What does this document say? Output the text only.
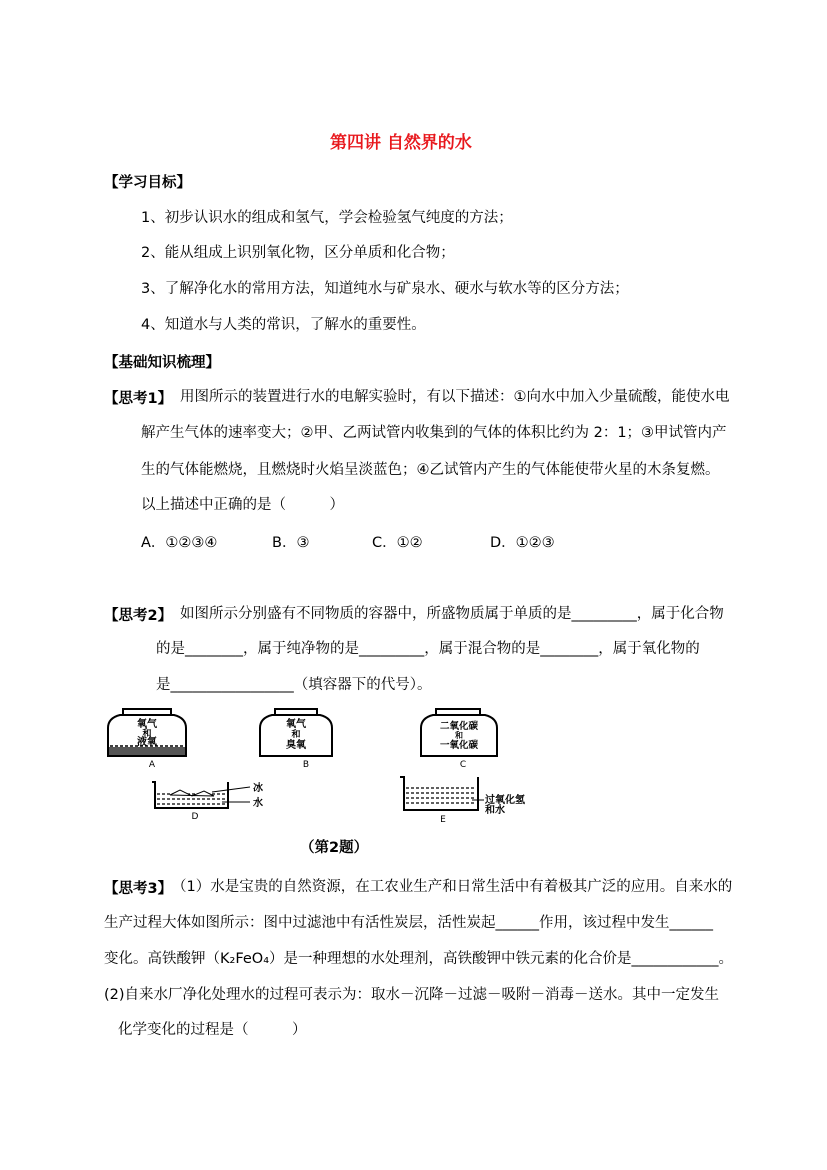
第四讲 自然界的水
【学习目标】
1、初步认识水的组成和氢气，学会检验氢气纯度的方法；
2、能从组成上识别氧化物，区分单质和化合物；
3、了解净化水的常用方法，知道纯水与矿泉水、硬水与软水等的区分方法；
4、知道水与人类的常识，了解水的重要性。
【基础知识梳理】
【思考1】 用图所示的装置进行水的电解实验时，有以下描述：①向水中加入少量硫酸，能使水电
解产生气体的速率变大；②甲、乙两试管内收集到的气体的体积比约为 2：1；③甲试管内产
生的气体能燃烧，且燃烧时火焰呈淡蓝色；④乙试管内产生的气体能使带火星的木条复燃。
以上描述中正确的是（　　　）
A．①②③④	B．③	C．①②	D．①②③
【思考2】 如图所示分别盛有不同物质的容器中，所盛物质属于单质的是_________，属于化合物
的是________，属于纯净物的是_________，属于混合物的是________，属于氧化物的
是_________________（填容器下的代号）。
氧气
和
液氧
A
氧气
和
臭氧
B
二氧化碳
和
一氧化碳
C
冰
水
D
过氧化氢
和水
E
（第2题）
【思考3】 （1）水是宝贵的自然资源，在工农业生产和日常生活中有着极其广泛的应用。自来水的
生产过程大体如图所示：图中过滤池中有活性炭层，活性炭起______作用，该过程中发生______
变化。高铁酸钾（K₂FeO₄）是一种理想的水处理剂，高铁酸钾中铁元素的化合价是____________。
(2)自来水厂净化处理水的过程可表示为：取水－沉降－过滤－吸附－消毒－送水。其中一定发生
化学变化的过程是（　　　）
